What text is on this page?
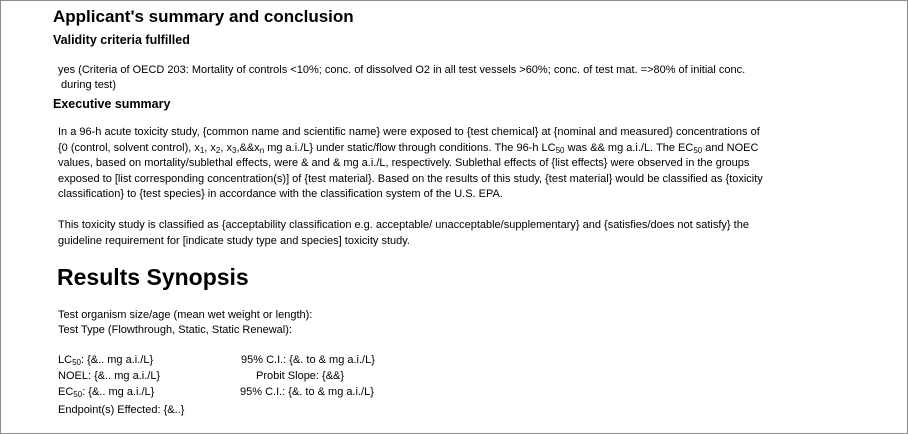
Applicant's summary and conclusion
Validity criteria fulfilled
yes (Criteria of OECD 203: Mortality of controls <10%; conc. of dissolved O2 in all test vessels >60%; conc. of test mat. =>80% of initial conc.
during test)
Executive summary
In a 96-h acute toxicity study, {common name and scientific name} were exposed to {test chemical} at {nominal and measured} concentrations of
{0 (control, solvent control), $x_1$, $x_2$, $x_3,\&\&x_n$ mg a.i./L} under static/flow through conditions. The 96-h $LC_{50}$ was && mg a.i./L. The $EC_{50}$ and NOEC
values, based on mortality/sublethal effects, were & and & mg a.i./L, respectively. Sublethal effects of {list effects} were observed in the groups
exposed to [list corresponding concentration(s)] of {test material}. Based on the results of this study, {test material} would be classified as {toxicity
classification} to {test species} in accordance with the classification system of the U.S. EPA.
This toxicity study is classified as {acceptability classification e.g. acceptable/ unacceptable/supplementary} and {satisfies/does not satisfy} the
guideline requirement for [indicate study type and species] toxicity study.
Results Synopsis
Test organism size/age (mean wet weight or length):
Test Type (Flowthrough, Static, Static Renewal):
$LC_{50}$: {&.. mg a.i./L}	95% C.I.: {&. to & mg a.i./L}
NOEL: {&.. mg a.i./L}	Probit Slope: {&&}
$EC_{50}$: {&.. mg a.i./L}	95% C.I.: {&. to & mg a.i./L}
Endpoint(s) Effected: {&..}
